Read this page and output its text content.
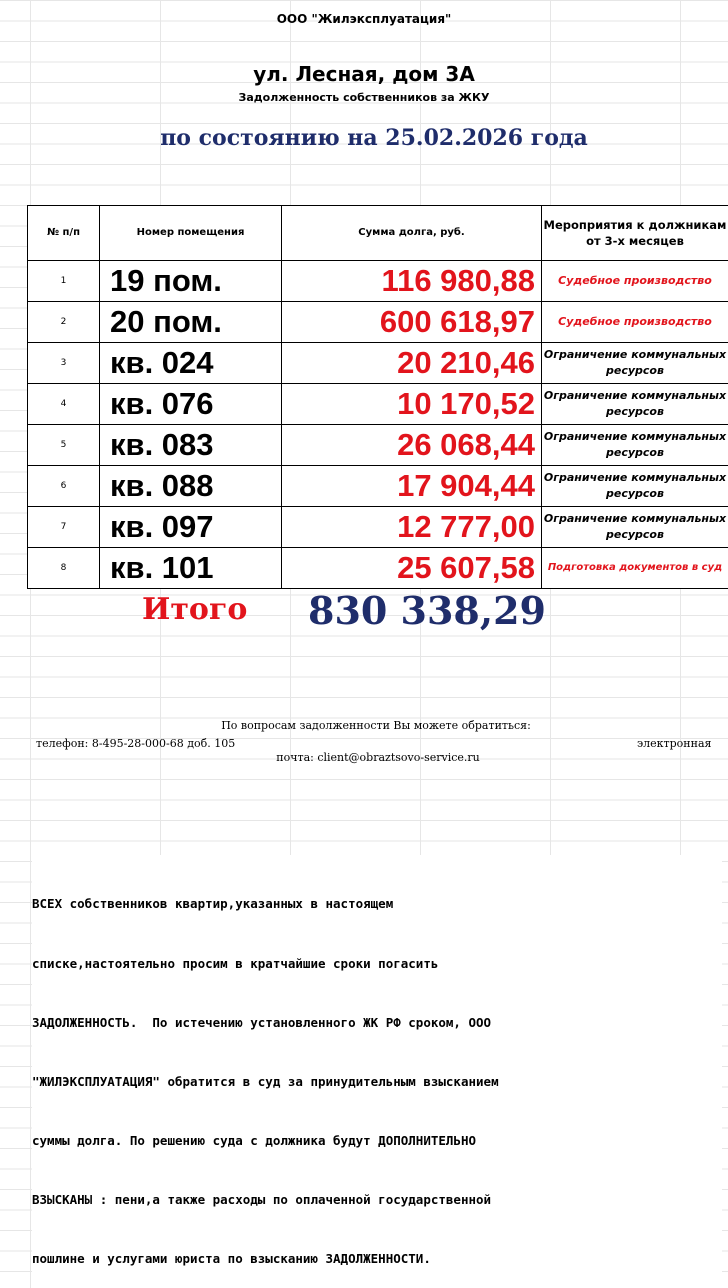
ООО "Жилэксплуатация"
ул. Лесная, дом 3А
Задолженность собственников за ЖКУ
по состоянию на 25.02.2026 года
№ п/п	Номер помещения	Сумма долга, руб.	Мероприятия к должникам от 3-х месяцев
1	19 пом.	116 980,88	Судебное производство
2	20 пом.	600 618,97	Судебное производство
3	кв. 024	20 210,46	Ограничение коммунальных ресурсов
4	кв. 076	10 170,52	Ограничение коммунальных ресурсов
5	кв. 083	26 068,44	Ограничение коммунальных ресурсов
6	кв. 088	17 904,44	Ограничение коммунальных ресурсов
7	кв. 097	12 777,00	Ограничение коммунальных ресурсов
8	кв. 101	25 607,58	Подготовка документов в суд
Итого 830 338,29
По вопросам задолженности Вы можете обратиться:
телефон: 8-495-28-000-68 доб. 105	электронная
почта: client@obraztsovo-service.ru

ВСЕХ собственников квартир,указанных в настоящем

списке,настоятельно просим в кратчайшие сроки погасить

ЗАДОЛЖЕННОСТЬ.  По истечению установленного ЖК РФ сроком, ООО

"ЖИЛЭКСПЛУАТАЦИЯ" обратится в суд за принудительным взысканием

суммы долга. По решению суда с должника будут ДОПОЛНИТЕЛЬНО

ВЗЫСКАНЫ : пени,а также расходы по оплаченной государственной

пошлине и услугами юриста по взысканию ЗАДОЛЖЕННОСТИ.
